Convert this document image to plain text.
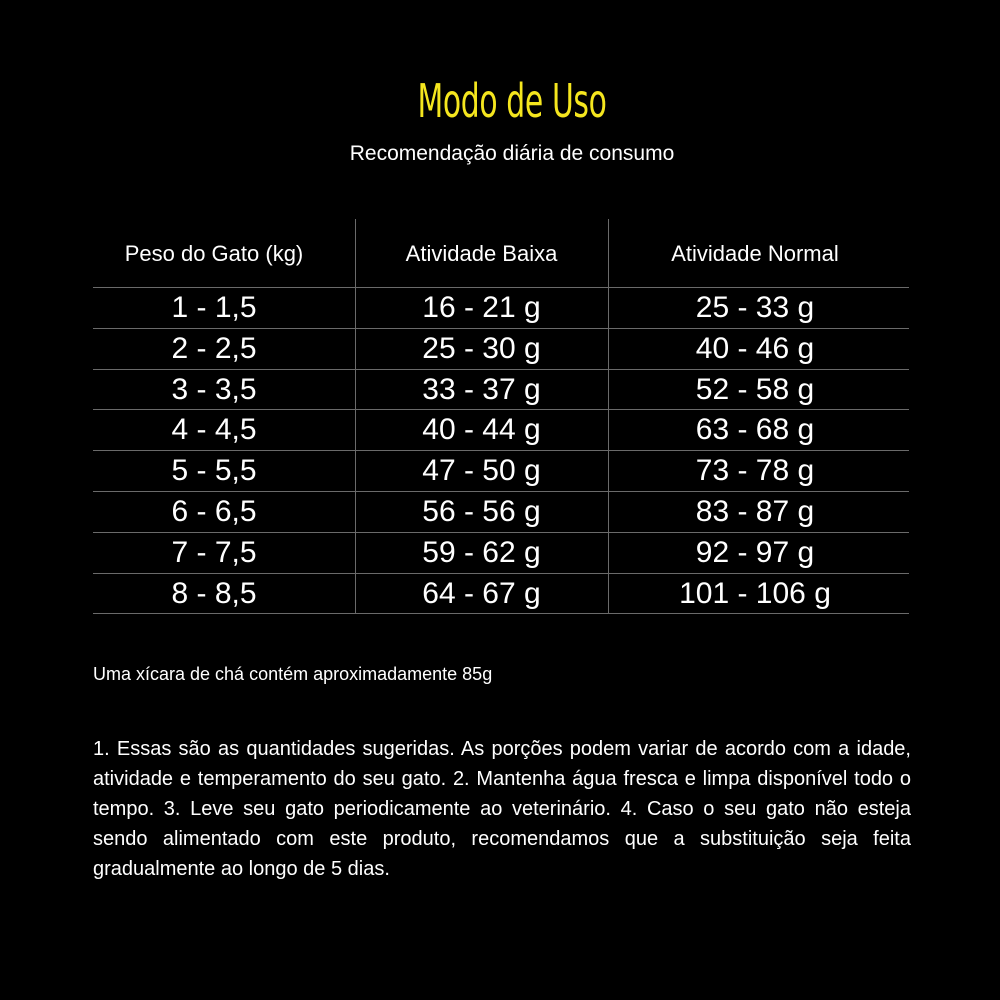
Modo de Uso
Recomendação diária de consumo
Peso do Gato (kg)	Atividade Baixa	Atividade Normal
1 - 1,5	16 - 21 g	25 - 33 g
2 - 2,5	25 - 30 g	40 - 46 g
3 - 3,5	33 - 37 g	52 - 58 g
4 - 4,5	40 - 44 g	63 - 68 g
5 - 5,5	47 - 50 g	73 - 78 g
6 - 6,5	56 - 56 g	83 - 87 g
7 - 7,5	59 - 62 g	92 - 97 g
8 - 8,5	64 - 67 g	101 - 106 g
Uma xícara de chá contém aproximadamente 85g
1. Essas são as quantidades sugeridas. As porções podem variar de acordo com a idade, atividade e temperamento do seu gato. 2. Mantenha água fresca e limpa disponível todo o tempo. 3. Leve seu gato periodicamente ao veterinário. 4. Caso o seu gato não esteja sendo alimentado com este produto, recomendamos que a substituição seja feita gradualmente ao longo de 5 dias.
